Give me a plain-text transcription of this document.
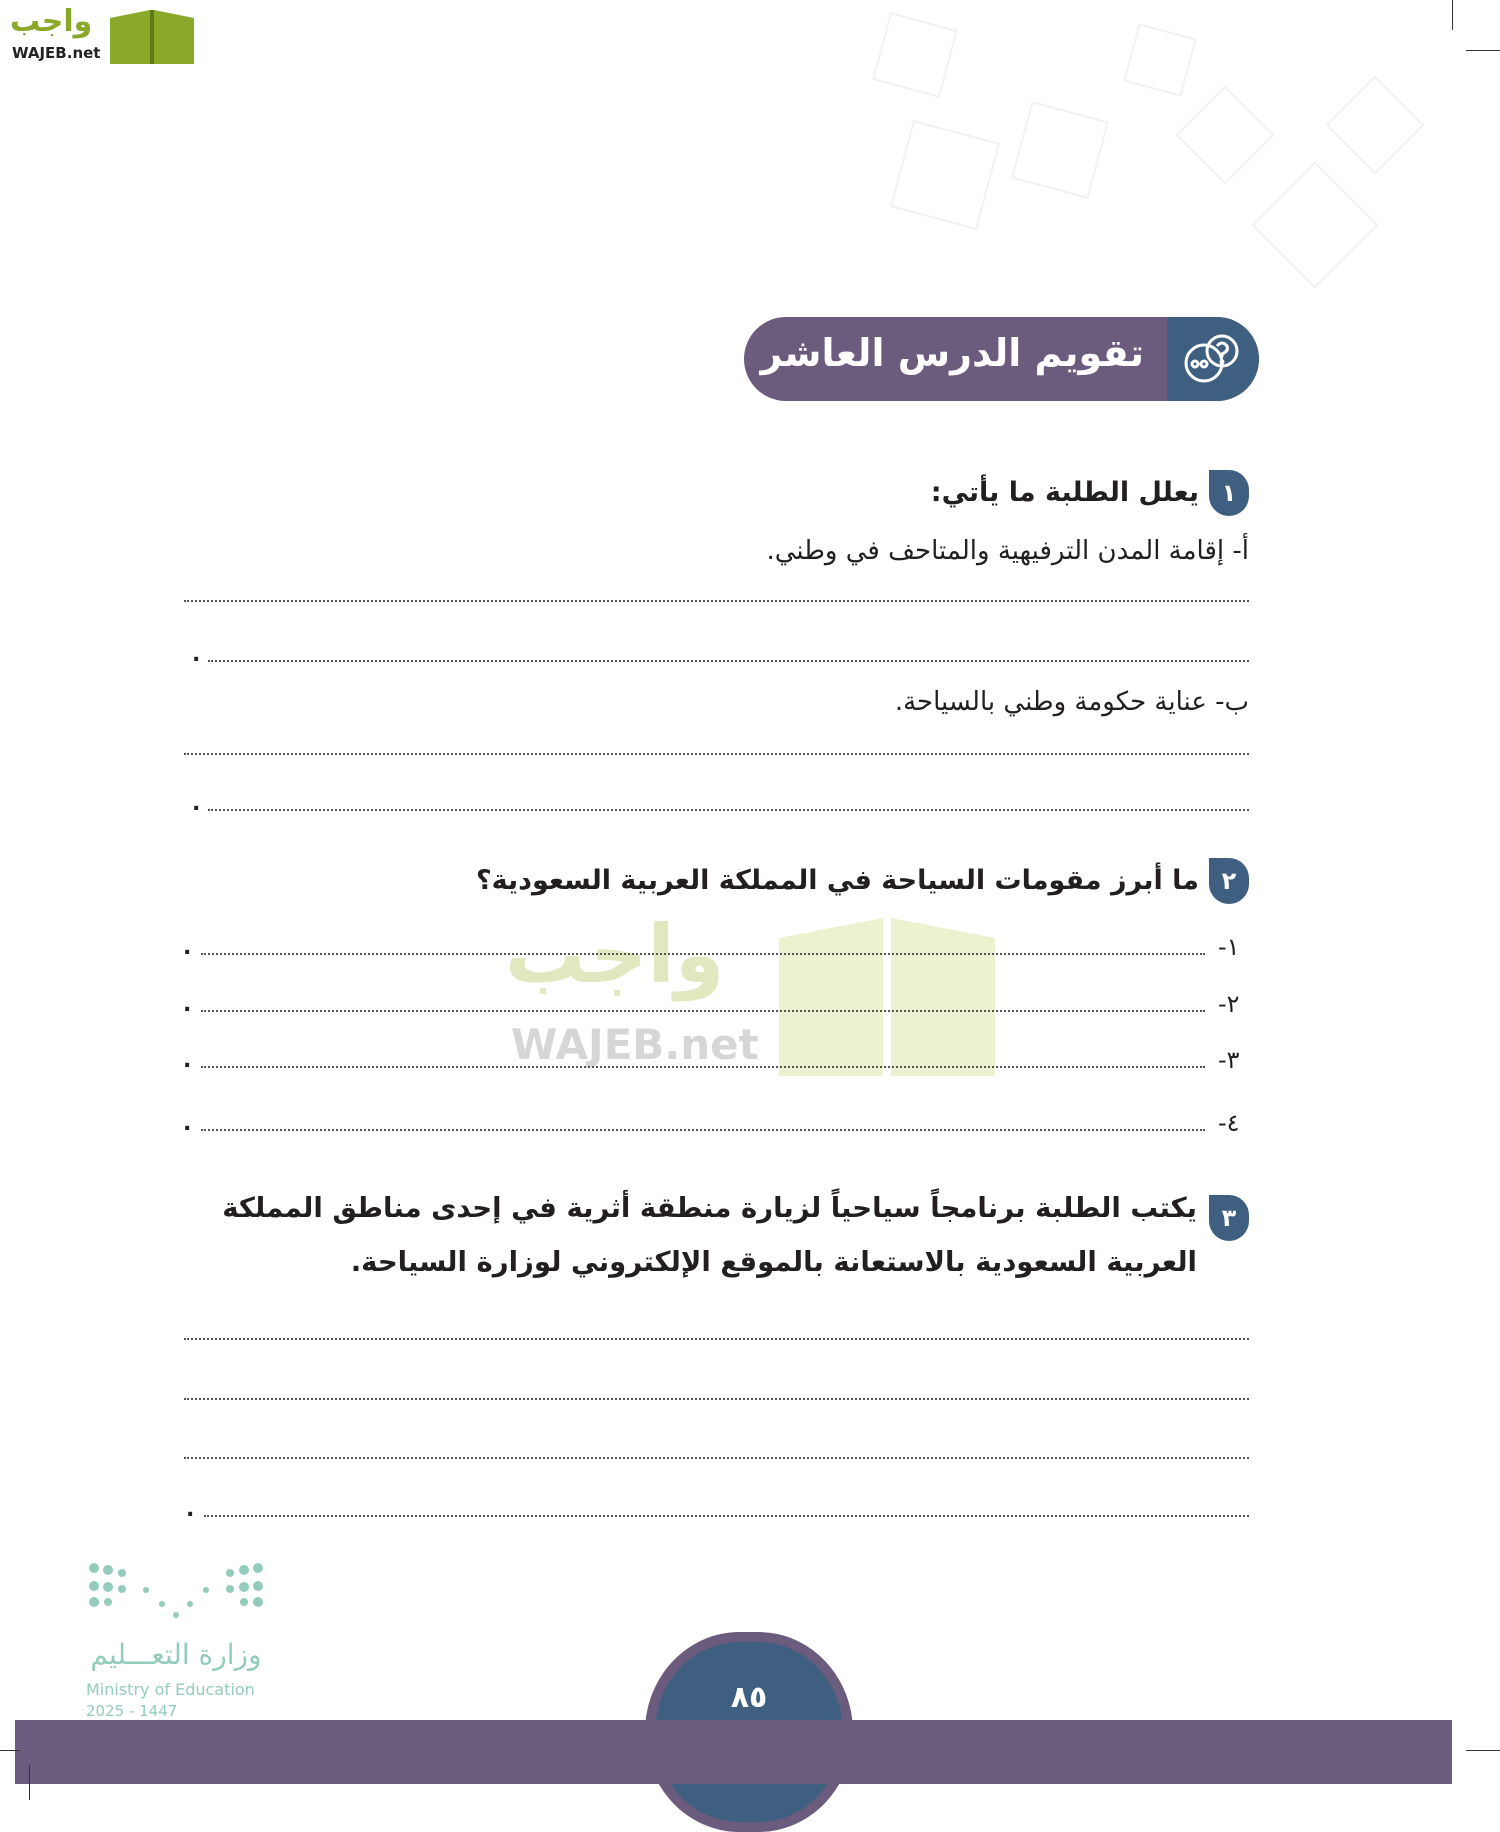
واجب
WAJEB.net
تقويم الدرس العاشر
١
يعلل الطلبة ما يأتي:
أ- إقامة المدن الترفيهية والمتاحف في وطني.
.
ب- عناية حكومة وطني بالسياحة.
.
واجب
WAJEB.net
٢
ما أبرز مقومات السياحة في المملكة العربية السعودية؟
١-
.
٢-
.
٣-
.
٤-
.
٣
يكتب الطلبة برنامجاً سياحياً لزيارة منطقة أثرية في إحدى مناطق المملكة
العربية السعودية بالاستعانة بالموقع الإلكتروني لوزارة السياحة.
.
وزارة التعـــليم
Ministry of Education
2025 - 1447	٨٥
